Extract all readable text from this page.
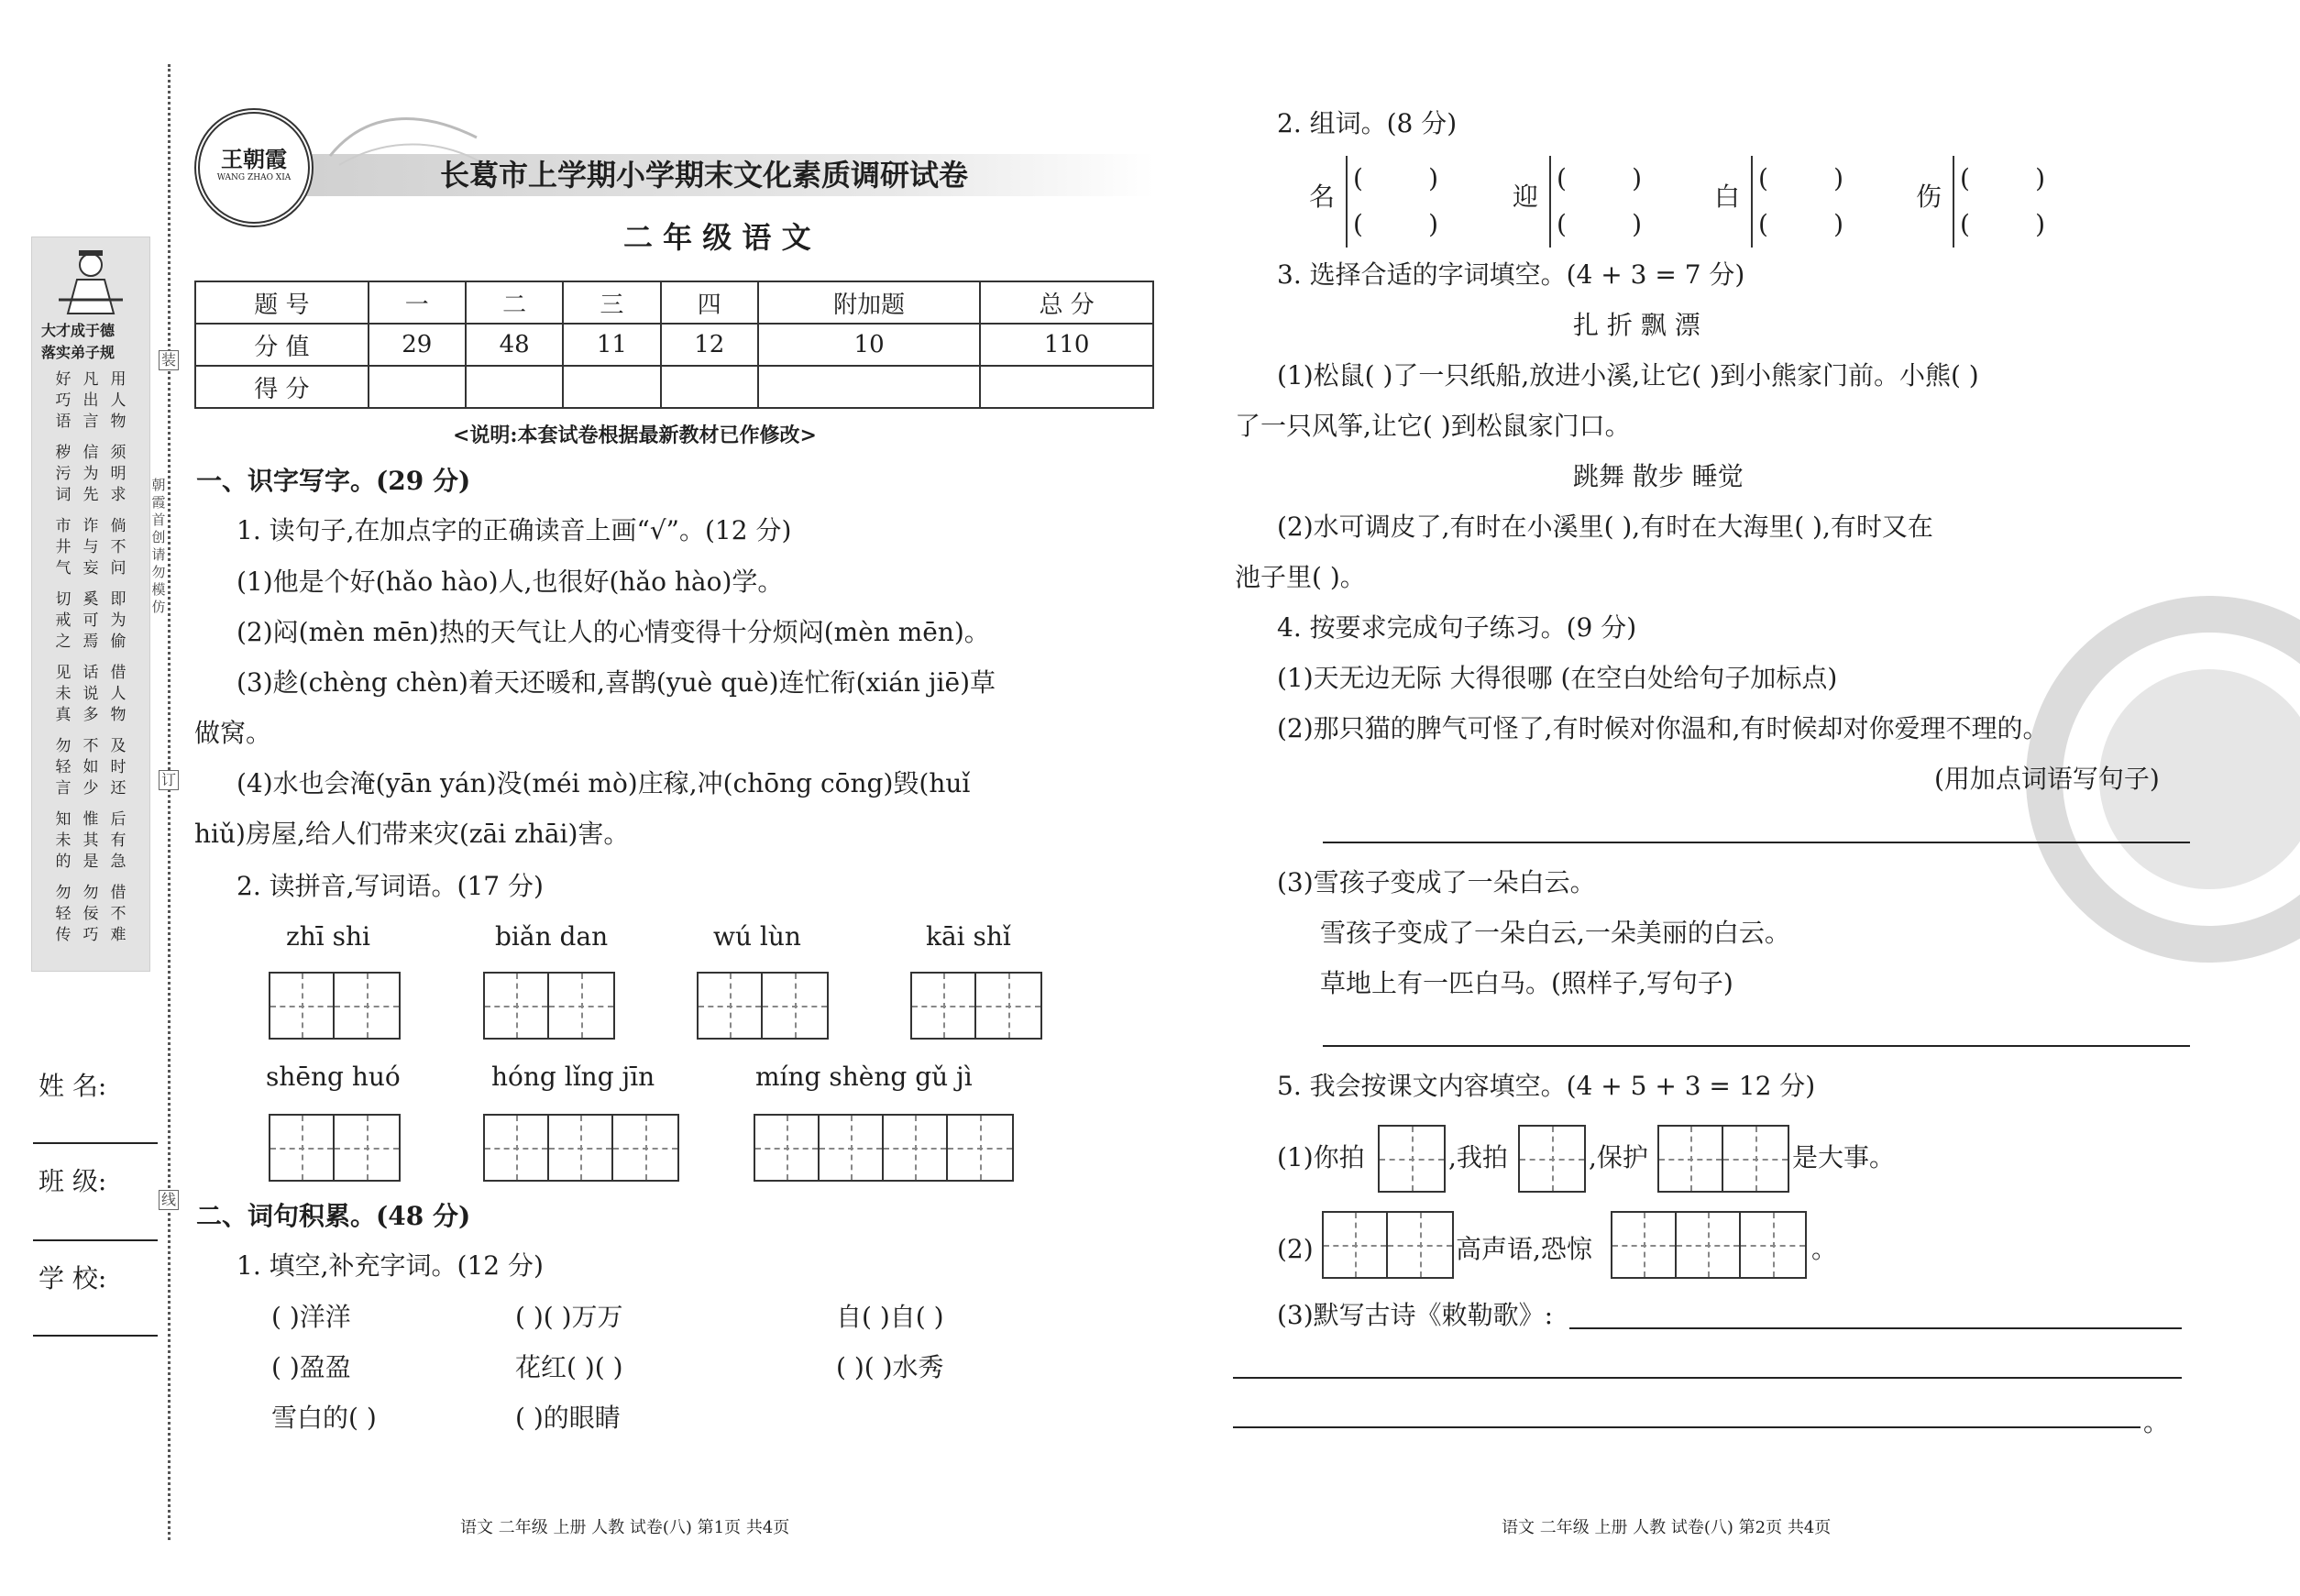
大才成于德
落实弟子规
好巧语
凡出言
用人物
秽污词
信为先
须明求
市井气
诈与妄
倘不问
切戒之
奚可焉
即为偷
见未真
话说多
借人物
勿轻言
不如少
及时还
知未的
惟其是
后有急
勿轻传
勿佞巧
借不难
装
订
线
朝霞首创 请勿模仿
姓 名:
班 级:
学 校:
王朝霞
WANG ZHAO XIA	长葛市上学期小学期末文化素质调研试卷
二 年 级 语 文
题 号	一	二	三	四	附加题	总 分
分 值	29	48	11	12	10	110
得 分						
<说明:本套试卷根据最新教材已作修改>
一、识字写字。(29 分)
1. 读句子,在加点字的正确读音上画“√”。(12 分)
(1)他是个好(hǎo hào)人,也很好(hǎo hào)学。
(2)闷(mèn mēn)热的天气让人的心情变得十分烦闷(mèn mēn)。
(3)趁(chèng chèn)着天还暖和,喜鹊(yuè què)连忙衔(xián jiē)草
做窝。
(4)水也会淹(yān yán)没(méi mò)庄稼,冲(chōng cōng)毁(huǐ
hiǔ)房屋,给人们带来灾(zāi zhāi)害。
2. 读拼音,写词语。(17 分)
zhī shi	biǎn dan	wú lùn	kāi shǐ
shēng huó	hóng lǐng jīn	míng shèng gǔ jì
二、词句积累。(48 分)
1. 填空,补充字词。(12 分)
( )洋洋	( )( )万万	自( )自( )
( )盈盈	花红( )( )	( )( )水秀
雪白的( )	( )的眼睛
语文 二年级 上册 人教 试卷(八) 第1页 共4页
2. 组词。(8 分)
名
(        )
(        )
迎
(        )
(        )
白
(        )
(        )
伤
(        )
(        )
3. 选择合适的字词填空。(4 + 3 = 7 分)
扎 折 飘 漂
(1)松鼠( )了一只纸船,放进小溪,让它( )到小熊家门前。小熊( )
了一只风筝,让它( )到松鼠家门口。
跳舞 散步 睡觉
(2)水可调皮了,有时在小溪里( ),有时在大海里( ),有时又在
池子里( )。
4. 按要求完成句子练习。(9 分)
(1)天无边无际 大得很哪 (在空白处给句子加标点)
(2)那只猫的脾气可怪了,有时候对你温和,有时候却对你爱理不理的。
(用加点词语写句子)
(3)雪孩子变成了一朵白云。
雪孩子变成了一朵白云,一朵美丽的白云。
草地上有一匹白马。(照样子,写句子)
5. 我会按课文内容填空。(4 + 5 + 3 = 12 分)
(1)你拍	,我拍	,保护	是大事。
(2)	高声语,恐惊	。
(3)默写古诗《敕勒歌》:
。
语文 二年级 上册 人教 试卷(八) 第2页 共4页
